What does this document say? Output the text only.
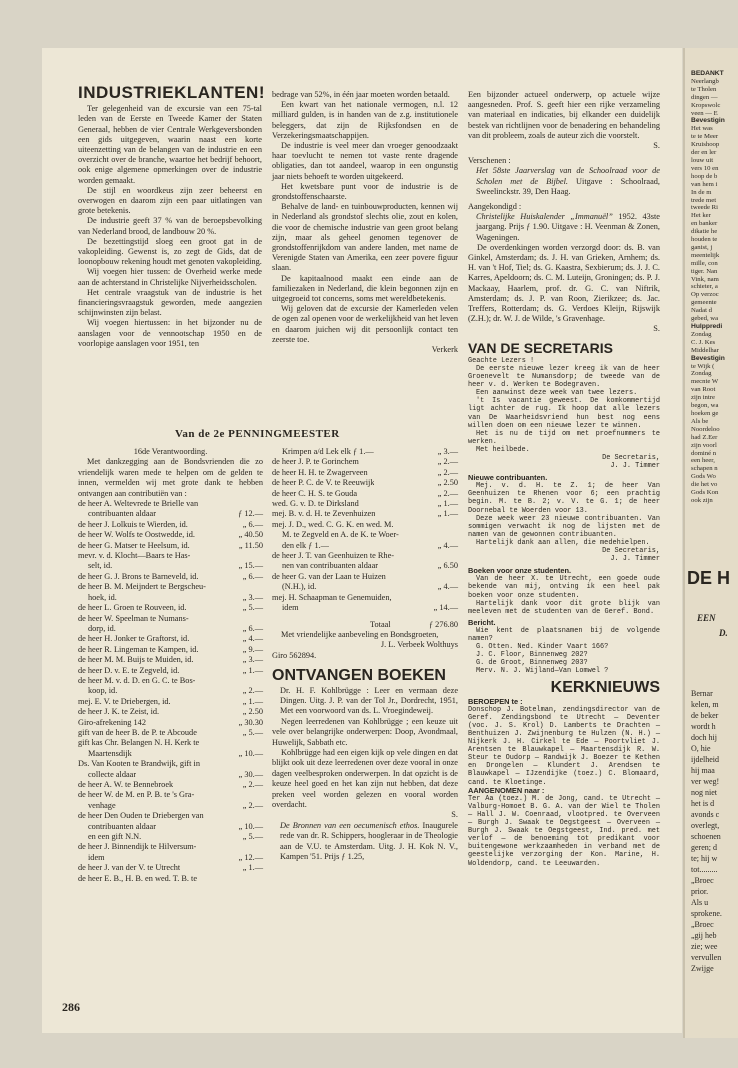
INDUSTRIEKLANTEN!

Ter gelegenheid van de excursie van een 75-tal leden van de Eerste en Tweede Kamer der Staten Generaal, hebben de vier Centrale Werkgeversbonden een gids uitgegeven, waarin naast een korte uiteenzetting van de belangen van de industrie en een overzicht over de branche, waartoe het bedrijf behoort, ook enige algemene opmerkingen over de industrie worden gemaakt.

De stijl en woordkeus zijn zeer beheerst en overwogen en daarom zijn een paar uitlatingen van grote betekenis.

De industrie geeft 37 % van de beroepsbevolking van Nederland brood, de landbouw 20 %.

De bezettingstijd sloeg een groot gat in de vakopleiding. Gewenst is, zo zegt de Gids, dat de loonopbouw rekening houdt met genoten vakopleiding.

Wij voegen hier tussen: de Overheid werke mede aan de achterstand in Christelijke Nijverheidsscholen.

Het centrale vraagstuk van de industrie is het financieringsvraagstuk geworden, mede aangezien schijnwinsten zijn belast.

Wij voegen hiertussen: in het bijzonder nu de aanslagen voor de vennootschap 1950 en de voorlopige aanslagen voor 1951, ten

bedrage van 52%, in één jaar moeten worden betaald.

Een kwart van het nationale vermogen, n.l. 12 milliard gulden, is in handen van de z.g. institutionele beleggers, dat zijn de Rijksfondsen en de Verzekeringsmaatschappijen.

De industrie is veel meer dan vroeger genoodzaakt haar toevlucht te nemen tot vaste rente dragende obligaties, dan tot aandeel, waarop in een ongunstig jaar niets behoeft te worden uitgekeerd.

Het kwetsbare punt voor de industrie is de grondstoffenschaarste.

Behalve de land- en tuinbouwproducten, kennen wij in Nederland als grondstof slechts olie, zout en kolen, die voor de chemische industrie van geen groot belang zijn, maar als geheel genomen tegenover de grondstoffenrijkdom van andere landen, met name de Verenigde Staten van Amerika, een zeer povere figuur slaan.

De kapitaalnood maakt een einde aan de familiezaken in Nederland, die klein begonnen zijn en uitgegroeid tot concerns, soms met wereldbetekenis.

Wij geloven dat de excursie der Kamerleden velen de ogen zal openen voor de werkelijkheid van het leven en daarom juichen wij dit persoonlijk contact ten zeerste toe.

Verkerk

Een bijzonder actueel onderwerp, op actuele wijze aangesneden. Prof. S. geeft hier een rijke verzameling van materiaal en indicaties, bij elkander een duidelijk bestek van richtlijnen voor de benadering en behandeling van dit probleem, zoals de auteur zich die voorstelt.

S.

Verschenen :

Het 58ste Jaarverslag van de Schoolraad voor de Scholen met de Bijbel. Uitgave : Schoolraad, Sweelinckstr. 39, Den Haag.

Aangekondigd :

Christelijke Huiskalender „Immanuël” 1952. 43ste jaargang. Prijs ƒ 1.90. Uitgave : H. Veenman & Zonen, Wageningen.

De overdenkingen worden verzorgd door: ds. B. van Ginkel, Amsterdam; ds. J. H. van Grieken, Arnhem; ds. H. van 't Hof, Tiel; ds. G. Kaastra, Sexbierum; ds. J. J. C. Karres, Apeldoorn; ds. C. M. Luteijn, Groningen; ds. P. J. Mackaay, Haarlem, prof. dr. G. C. van Niftrik, Amsterdam; ds. J. P. van Roon, Zierikzee; ds. Jac. Treffers, Rotterdam; ds. G. Verdoes Kleijn, Rijswijk (Z.H.); dr. W. J. de Wilde, 's Gravenhage.

S.
VAN DE SECRETARIS

Geachte Lezers !

De eerste nieuwe lezer kreeg ik van de heer Groenevelt te Numansdorp; de tweede van de heer v. d. Werken te Bodegraven.

Een aanwinst deze week van twee lezers.

't Is vacantie geweest. De komkommertijd ligt achter de rug. Ik hoop dat alle lezers van De Waarheidsvriend hun best nog eens willen doen om een nieuwe lezer te winnen.

Het is nu de tijd om met proefnummers te werken.

Met heilbede.

De Secretaris,
J. J. Timmer
Nieuwe contribuanten.

Mej. v. d. H. te Z. 1; de heer Van Geenhuizen te Rhenen voor 6; een prachtig begin. M. te B. 2; v. V. te G. 1; de heer Doornebal te Woerden voor 13.

Deze week weer 23 nieuwe contribuanten. Van sommigen verwacht ik nog de lijsten met de namen van de gewonnen contribuanten.

Hartelijk dank aan allen, die medehielpen.

De Secretaris,
J. J. Timmer
Boeken voor onze studenten.

Van de heer X. te Utrecht, een goede oude bekende van mij, ontving ik een heel pak boeken voor onze studenten.

Hartelijk dank voor dit grote blijk van meeleven met de studenten van de Geref. Bond.

Bericht.

Wie kent de plaatsnamen bij de volgende namen?

G. Otten. Ned. Kinder Vaart 166?

J. C. Floor, Binnenweg 202?

G. de Groot, Binnenweg 203?

Merv. N. J. Wijland—Van Lomwel ?

KERKNIEUWS
BEROEPEN te :

Donschop J. Botelman, zendingsdirector van de Geref. Zendingsbond te Utrecht — Deventer (voc. J. S. Krol) D. Lamberts te Drachten — Benthuizen J. Zwijnenburg te Hulzen (N. H.) — Nijkerk J. H. Cirkel te Ede — Poortvliet J. Arentsen te Blauwkapel — Maartensdijk R. W. Steur te Oudorp — Randwijk J. Boezer te Kethen en Drongelen — Klundert J. Arendsen te Blauwkapel — IJzendijke (toez.) C. Blomaard, cand. te Kloetinge.

AANGENOMEN naar :

Ter Aa (toez.) M. de Jong, cand. te Utrecht — Valburg-Homoet B. G. A. van der Wiel te Tholen — Hall J. W. Coenraad, vlootpred. te Overveen — Burgh J. Swaak te Oegstgeest — Overveen — Burgh J. Swaak te Oegstgeest, Ind. pred. met verlof — de benoeming tot predikant voor buitengewone werkzaamheden in verband met de geestelijke verzorging der Kon. Marine, H. Woldendorp, cand. te Leeuwarden.

Van de 2e PENNINGMEESTER
16de Verantwoording.
Met dankzegging aan de Bondsvrienden die zo vriendelijk waren mede te helpen om de gelden te innen, vermelden wij met grote dank te hebben ontvangen aan contributiën van :
de heer A. Weltevrede te Brielle van
contribuanten aldaar	ƒ 12.—
de heer J. Lolkuis te Wierden, id.	„ 6.—
de heer W. Wolfs te Oostwedde, id.	„ 40.50
de heer G. Matser te Heelsum, id.	„ 11.50
mevr. v. d. Klocht—Baars te Has-
selt, id.	„ 15.—
de heer G. J. Brons te Barneveld, id.	„ 6.—
de heer B. M. Meijndert te Bergscheu-
hoek, id.	„ 3.—
de heer L. Groen te Rouveen, id.	„ 5.—
de heer W. Speelman te Numans-
dorp, id.	„ 6.—
de heer H. Jonker te Graftorst, id.	„ 4.—
de heer R. Lingeman te Kampen, id.	„ 9.—
de heer M. M. Buijs te Muiden, id.	„ 3.—
de heer D. v. E. te Zegveld, id.	„ 1.—
de heer M. v. d. D. en G. C. te Bos-
koop, id.	„ 2.—
mej. E. V. te Driebergen, id.	„ 1.—
de heer J. K. te Zeist, id.	„ 2.50
Giro-afrekening 142	„ 30.30
gift van de heer B. de P. te Abcoude	„ 5.—
gift kas Chr. Belangen N. H. Kerk te
Maartensdijk	„ 10.—
Ds. Van Kooten te Brandwijk, gift in
collecte aldaar	„ 30.—
de heer A. W. te Bennebroek	„ 2.—
de heer W. de M. en P. B. te 's Gra-
venhage	„ 2.—
de heer Den Ouden te Driebergen van
contribuanten aldaar	„ 10.—
en een gift N.N.	„ 5.—
de heer J. Binnendijk te Hilversum-
idem	„ 12.—
de heer J. van der V. te Utrecht	„ 1.—
de heer E. B., H. B. en wed. T. B. te
Krimpen a/d Lek elk ƒ 1.—	„ 3.—
de heer J. P. te Gorinchem	„ 2.—
de heer H. H. te Zwagerveen	„ 2.—
de heer P. C. de V. te Reeuwijk	„ 2.50
de heer C. H. S. te Gouda	„ 2.—
wed. G. v. D. te Dirksland	„ 1.—
mej. B. v. d. H. te Zevenhuizen	„ 1.—
mej. J. D., wed. C. G. K. en wed. M.
M. te Zegveld en A. de K. te Woer-
den elk ƒ 1.—	„ 4.—
de heer J. T. van Geenhuizen te Rhe-
nen van contribuanten aldaar	„ 6.50
de heer G. van der Laan te Huizen
(N.H.), id.	„ 4.—
mej. H. Schaapman te Genemuiden,
idem	„ 14.—
Totaal	ƒ 276.80
Met vriendelijke aanbeveling en Bondsgroeten,
J. L. Verbeek Wolthuys
Giro 562894.
ONTVANGEN BOEKEN
Dr. H. F. Kohlbrügge : Leer en vermaan deze Dingen. Uitg. J. P. van der Tol Jr., Dordrecht, 1951, Met een voorwoord van ds. L. Vroegindeweij.
Negen leerredenen van Kohlbrügge ; een keuze uit vele over belangrijke onderwerpen: Doop, Avondmaal, Huwelijk, Sabbath etc.
Kohlbrügge had een eigen kijk op vele dingen en dat blijkt ook uit deze leerredenen over deze vooral in onze dagen veelbesproken onderwerpen. In dat opzicht is de keuze heel goed en het kan zijn nut hebben, dat deze preken veel worden gelezen en vooral worden overdacht.
S.
De Bronnen van een oecumenisch ethos. Inaugurele rede van dr. R. Schippers, hoogleraar in de Theologie aan de V.U. te Amsterdam. Uitg. J. H. Kok N. V., Kampen '51. Prijs ƒ 1.25,
286
BEDANKT
Neerlangb
te Tholen
dingen —
Kropswolc
veen — E
Bevestigin
Het was
te te Meer
Kruishoop
der en ler
louw uit
vers 10 en
hoop de b
van hem i
In de m
trede met
tweede Ri
Het ker
en banker
dikatie he
houden te
ganist, j
meentelijk
mille, con
tiger. Nan
Vink, nam
schieter, a
Op verzoc
gemeente
Nadat d
gebed, wa
Hulppredi
Zondag
C. J. Kes
Middelhar
Bevestigin
te Wijk (
Zondag
mecnte W
van Root
zijn intre
begon, wa
hoeken ge
Als be
Noordeloo
had Z.Eer
zijn voorl
dominé n
een heer,
schapen n
Gods Wo
die het vo
Gods Kon
ook zijn
DE H
EEN
D.
Bernar
kelen, m
de beker
wordt h
doch hij
O, hie
ijdelheid
hij maa
ver weg!
nog niet
het is d
avonds c
overlegt,
schoenen
geren; d
te; hij w
tot.........
„Broec
prior.
Als u
sprokene.
„Broec
„gij heb
zie; wee
vervullen
Zwijge
